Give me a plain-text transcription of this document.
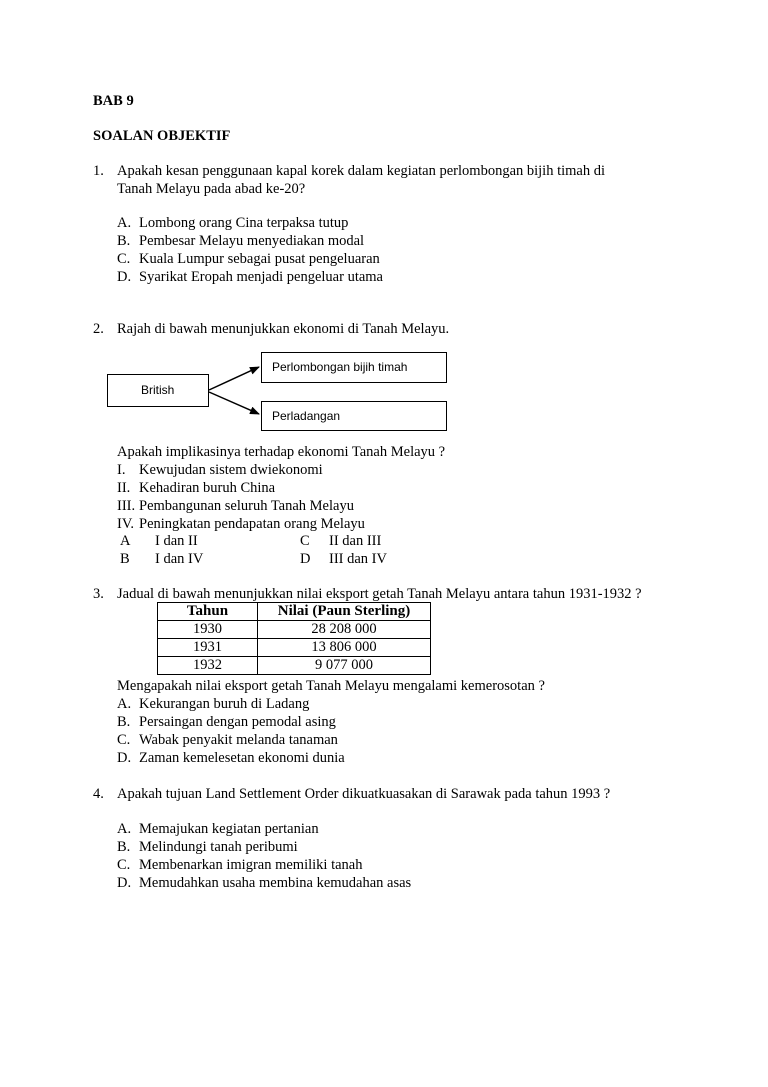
BAB 9
SOALAN OBJEKTIF
1. Apakah kesan penggunaan kapal korek dalam kegiatan perlombongan bijih timah di
Tanah Melayu pada abad ke-20?
A. Lombong orang Cina terpaksa tutup
B. Pembesar Melayu menyediakan modal
C. Kuala Lumpur sebagai pusat pengeluaran
D. Syarikat Eropah menjadi pengeluar utama
2. Rajah di bawah menunjukkan ekonomi di Tanah Melayu.
British
Perlombongan bijih timah
Perladangan
Apakah implikasinya terhadap ekonomi Tanah Melayu ?
I. Kewujudan sistem dwiekonomi
II. Kehadiran buruh China
III. Pembangunan seluruh Tanah Melayu
IV. Peningkatan pendapatan orang Melayu
A I dan II	C II dan III
B I dan IV	D III dan IV
3. Jadual di bawah menunjukkan nilai eksport getah Tanah Melayu antara tahun 1931-1932 ?
Tahun	Nilai (Paun Sterling)
1930	28 208 000
1931	13 806 000
1932	9 077 000
Mengapakah nilai eksport getah Tanah Melayu mengalami kemerosotan ?
A. Kekurangan buruh di Ladang
B. Persaingan dengan pemodal asing
C. Wabak penyakit melanda tanaman
D. Zaman kemelesetan ekonomi dunia
4. Apakah tujuan Land Settlement Order dikuatkuasakan di Sarawak pada tahun 1993 ?
A. Memajukan kegiatan pertanian
B. Melindungi tanah peribumi
C. Membenarkan imigran memiliki tanah
D. Memudahkan usaha membina kemudahan asas
